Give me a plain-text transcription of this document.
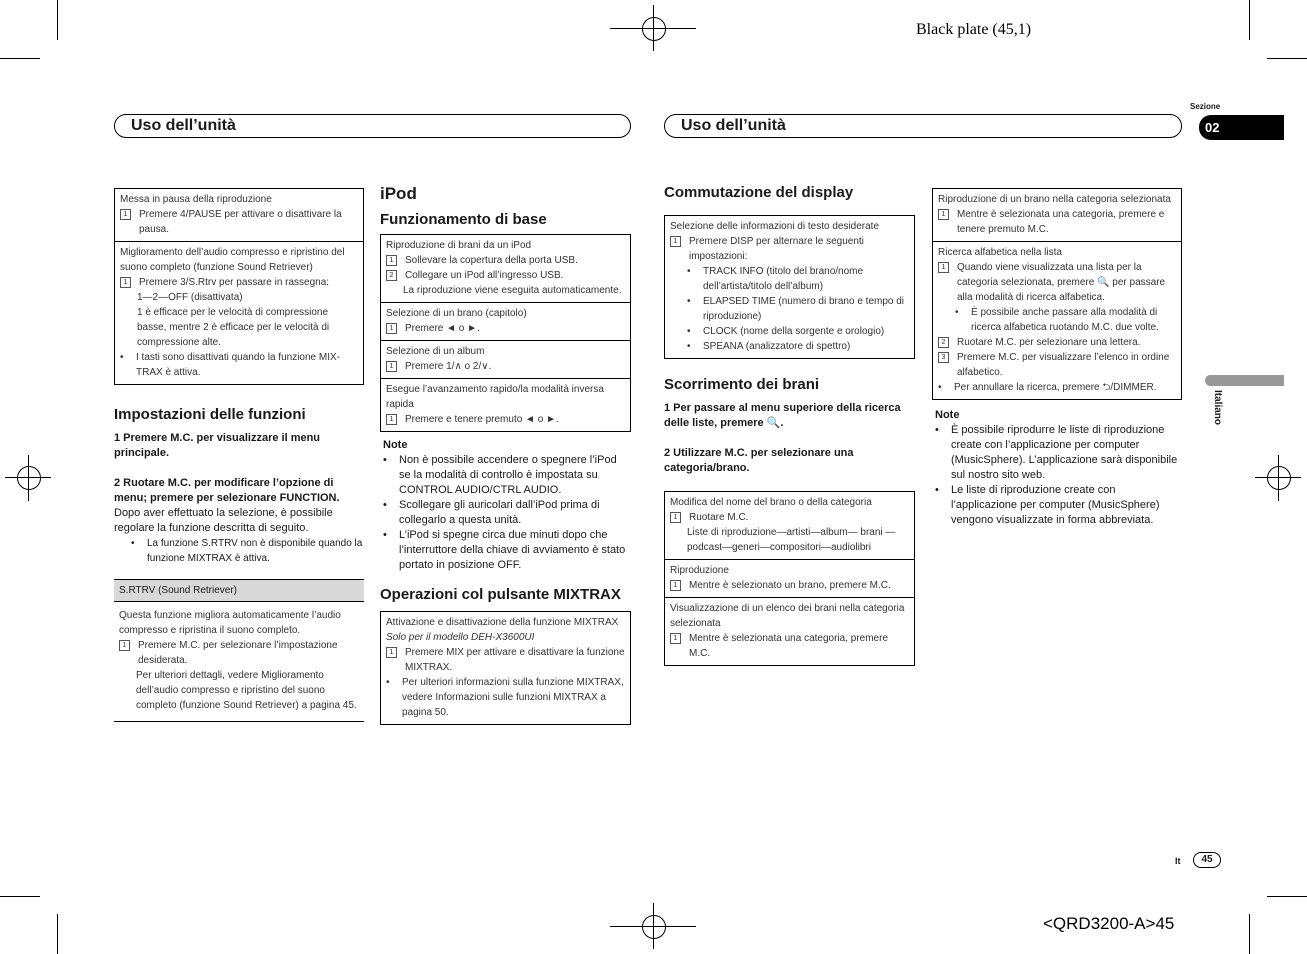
Black plate (45,1)
<QRD3200-A>45
Uso dell’unità	Uso dell’unità
Sezione
02
Italiano
It	45
Messa in pausa della riproduzione
1	Premere 4/PAUSE per attivare o disattivare la pausa.
Miglioramento dell’audio compresso e ripristino del suono completo (funzione Sound Retriever)
1	Premere 3/S.Rtrv per passare in rassegna:
1—2—OFF (disattivata)
1 è efficace per le velocità di compressione basse, mentre 2 è efficace per le velocità di compressione alte.
•	I tasti sono disattivati quando la funzione MIX-TRAX è attiva.
Impostazioni delle funzioni
1 Premere M.C. per visualizzare il menu principale.
2 Ruotare M.C. per modificare l’opzione di menu; premere per selezionare FUNCTION.
Dopo aver effettuato la selezione, è possibile regolare la funzione descritta di seguito.
•	La funzione S.RTRV non è disponibile quando la funzione MIXTRAX è attiva.
S.RTRV (Sound Retriever)
Questa funzione migliora automaticamente l’audio compresso e ripristina il suono completo.
1	Premere M.C. per selezionare l’impostazione desiderata.
Per ulteriori dettagli, vedere Miglioramento dell’audio compresso e ripristino del suono completo (funzione Sound Retriever) a pagina 45.
iPod
Funzionamento di base
Riproduzione di brani da un iPod
1	Sollevare la copertura della porta USB.
2	Collegare un iPod all’ingresso USB.
La riproduzione viene eseguita automaticamente.
Selezione di un brano (capitolo)
1	Premere ◄ o ►.
Selezione di un album
1	Premere 1/∧ o 2/∨.
Esegue l’avanzamento rapido/la modalità inversa rapida
1	Premere e tenere premuto ◄ o ►.
Note
•	Non è possibile accendere o spegnere l’iPod se la modalità di controllo è impostata su CONTROL AUDIO/CTRL AUDIO.
•	Scollegare gli auricolari dall’iPod prima di collegarlo a questa unità.
•	L’iPod si spegne circa due minuti dopo che l’interruttore della chiave di avviamento è stato portato in posizione OFF.
Operazioni col pulsante MIXTRAX
Attivazione e disattivazione della funzione MIXTRAX
Solo per il modello DEH-X3600UI
1	Premere MIX per attivare e disattivare la funzione MIXTRAX.
•	Per ulteriori informazioni sulla funzione MIXTRAX, vedere Informazioni sulle funzioni MIXTRAX a pagina 50.
Commutazione del display
Selezione delle informazioni di testo desiderate
1	Premere DISP per alternare le seguenti impostazioni:
•	TRACK INFO (titolo del brano/nome dell’artista/titolo dell’album)
•	ELAPSED TIME (numero di brano e tempo di riproduzione)
•	CLOCK (nome della sorgente e orologio)
•	SPEANA (analizzatore di spettro)
Scorrimento dei brani
1 Per passare al menu superiore della ricerca delle liste, premere 🔍.
2 Utilizzare M.C. per selezionare una categoria/brano.
Modifica del nome del brano o della categoria
1	Ruotare M.C.
Liste di riproduzione—artisti—album— brani —podcast—generi—compositori—audiolibri
Riproduzione
1	Mentre è selezionato un brano, premere M.C.
Visualizzazione di un elenco dei brani nella categoria selezionata
1	Mentre è selezionata una categoria, premere M.C.
Riproduzione di un brano nella categoria selezionata
1	Mentre è selezionata una categoria, premere e tenere premuto M.C.
Ricerca alfabetica nella lista
1	Quando viene visualizzata una lista per la categoria selezionata, premere 🔍 per passare alla modalità di ricerca alfabetica.
•	È possibile anche passare alla modalità di ricerca alfabetica ruotando M.C. due volte.
2	Ruotare M.C. per selezionare una lettera.
3	Premere M.C. per visualizzare l’elenco in ordine alfabetico.
•	Per annullare la ricerca, premere ⮌/DIMMER.
Note
•	È possibile riprodurre le liste di riproduzione create con l’applicazione per computer (MusicSphere). L’applicazione sarà disponibile sul nostro sito web.
•	Le liste di riproduzione create con l’applicazione per computer (MusicSphere) vengono visualizzate in forma abbreviata.
